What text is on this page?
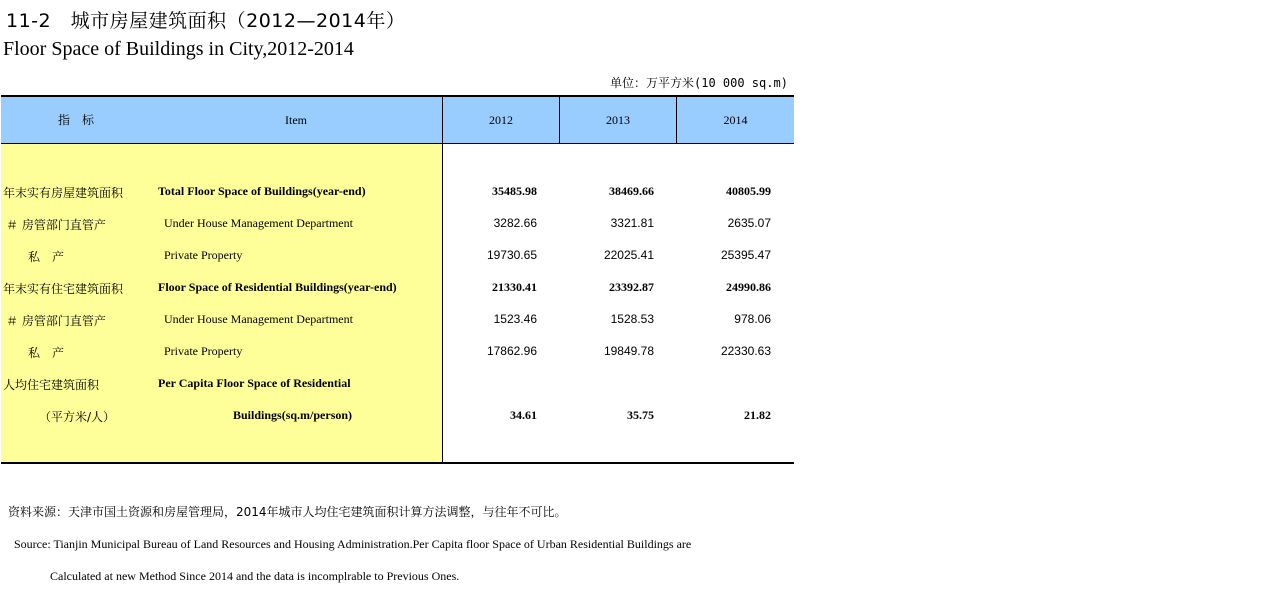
11-2　城市房屋建筑面积（2012—2014年）
Floor Space of Buildings in City,2012-2014
单位：万平方米(10 000 sq.m)
指　标	Item	2012	2013	2014
年末实有房屋建筑面积	Total Floor Space of Buildings(year-end)	35485.98	38469.66	40805.99
＃ 房管部门直管产	Under House Management Department	3282.66	3321.81	2635.07
　私　产	Private Property	19730.65	22025.41	25395.47
年末实有住宅建筑面积	Floor Space of Residential Buildings(year-end)	21330.41	23392.87	24990.86
＃ 房管部门直管产	Under House Management Department	1523.46	1528.53	978.06
　私　产	Private Property	17862.96	19849.78	22330.63
人均住宅建筑面积	Per Capita Floor Space of Residential
（平方米/人）	Buildings(sq.m/person)	34.61	35.75	21.82
资料来源：天津市国土资源和房屋管理局，2014年城市人均住宅建筑面积计算方法调整，与往年不可比。
Source: Tianjin Municipal Bureau of Land Resources and Housing Administration.Per Capita floor Space of Urban Residential Buildings are
Calculated at new Method Since 2014 and the data is incomplrable to Previous Ones.
